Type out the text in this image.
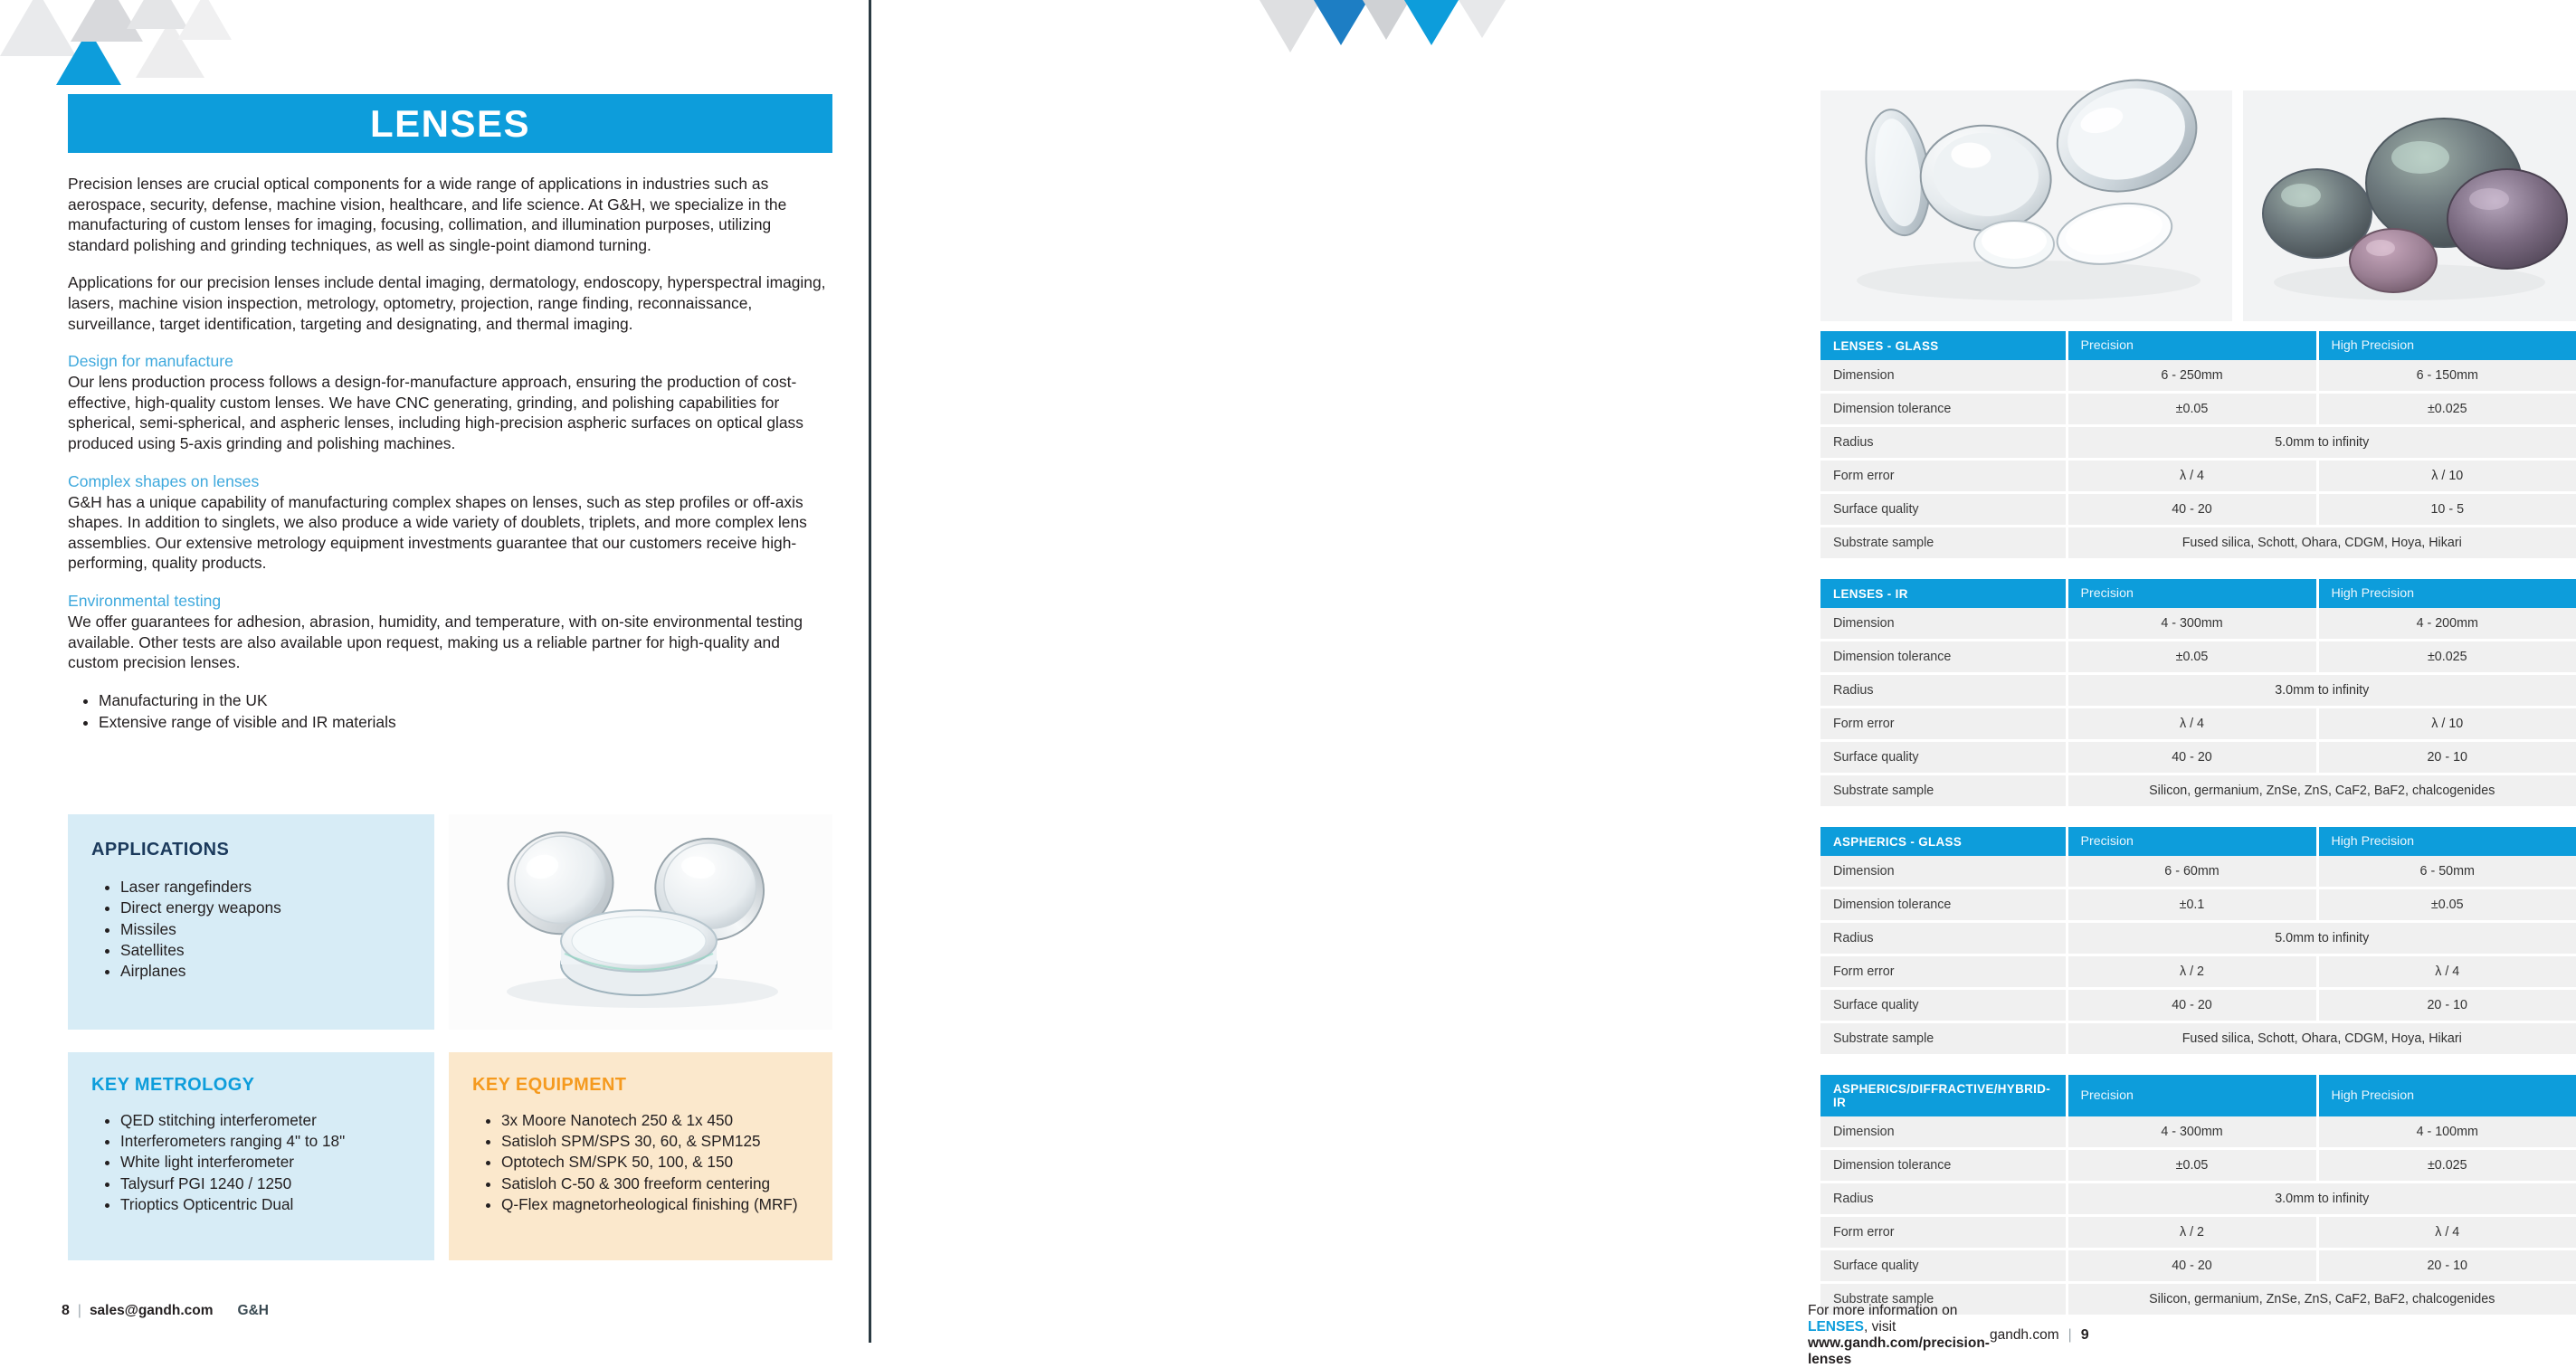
LENSES

Precision lenses are crucial optical components for a wide range of applications in industries such as aerospace, security, defense, machine vision, healthcare, and life science. At G&H, we specialize in the manufacturing of custom lenses for imaging, focusing, collimation, and illumination purposes, utilizing standard polishing and grinding techniques, as well as single-point diamond turning.

Applications for our precision lenses include dental imaging, dermatology, endoscopy, hyperspectral imaging, lasers, machine vision inspection, metrology, optometry, projection, range finding, reconnaissance, surveillance, target identification, targeting and designating, and thermal imaging.

Design for manufacture

Our lens production process follows a design-for-manufacture approach, ensuring the production of cost-effective, high-quality custom lenses. We have CNC generating, grinding, and polishing capabilities for spherical, semi-spherical, and aspheric lenses, including high-precision aspheric surfaces on optical glass produced using 5-axis grinding and polishing machines.

Complex shapes on lenses

G&H has a unique capability of manufacturing complex shapes on lenses, such as step profiles or off-axis shapes. In addition to singlets, we also produce a wide variety of doublets, triplets, and more complex lens assemblies. Our extensive metrology equipment investments guarantee that our customers receive high-performing, quality products.

Environmental testing

We offer guarantees for adhesion, abrasion, humidity, and temperature, with on-site environmental testing available. Other tests are also available upon request, making us a reliable partner for high-quality and custom precision lenses.

• Manufacturing in the UK
• Extensive range of visible and IR materials
APPLICATIONS
• Laser rangefinders
• Direct energy weapons
• Missiles
• Satellites
• Airplanes
KEY METROLOGY
• QED stitching interferometer
• Interferometers ranging 4" to 18"
• White light interferometer
• Talysurf PGI 1240 / 1250
• Trioptics Opticentric Dual
KEY EQUIPMENT
• 3x Moore Nanotech 250 & 1x 450
• Satisloh SPM/SPS 30, 60, & SPM125
• Optotech SM/SPK 50, 100, & 150
• Satisloh C-50 & 300 freeform centering
• Q-Flex magnetorheological finishing (MRF)
8 | sales@gandh.com G&H
LENSES - GLASS	Precision	High Precision
Dimension	6 - 250mm	6 - 150mm
Dimension tolerance	±0.05	±0.025
Radius	5.0mm to infinity	
Form error	λ / 4	λ / 10
Surface quality	40 - 20	10 - 5
Substrate sample	Fused silica, Schott, Ohara, CDGM, Hoya, Hikari	
LENSES - IR	Precision	High Precision
Dimension	4 - 300mm	4 - 200mm
Dimension tolerance	±0.05	±0.025
Radius	3.0mm to infinity	
Form error	λ / 4	λ / 10
Surface quality	40 - 20	20 - 10
Substrate sample	Silicon, germanium, ZnSe, ZnS, CaF2, BaF2, chalcogenides	
ASPHERICS - GLASS	Precision	High Precision
Dimension	6 - 60mm	6 - 50mm
Dimension tolerance	±0.1	±0.05
Radius	5.0mm to infinity	
Form error	λ / 2	λ / 4
Surface quality	40 - 20	20 - 10
Substrate sample	Fused silica, Schott, Ohara, CDGM, Hoya, Hikari	
ASPHERICS/DIFFRACTIVE/HYBRID- IR	Precision	High Precision
Dimension	4 - 300mm	4 - 100mm
Dimension tolerance	±0.05	±0.025
Radius	3.0mm to infinity	
Form error	λ / 2	λ / 4
Surface quality	40 - 20	20 - 10
Substrate sample	Silicon, germanium, ZnSe, ZnS, CaF2, BaF2, chalcogenides	
For more information on LENSES, visit www.gandh.com/precision-lenses
gandh.com | 9
